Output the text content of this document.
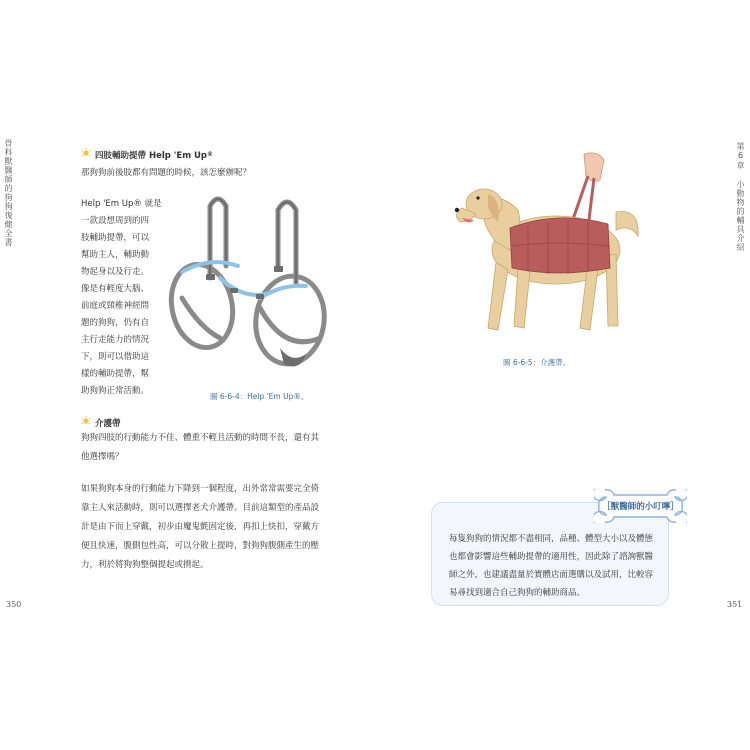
骨科獸醫師的狗狗復健全書
350
四肢輔助提帶 Help 'Em Up ®
那狗狗前後肢都有問題的時候，該怎麼辦呢？

Help 'Em Up® 就是

一款設想周到的四

肢輔助提帶，可以

幫助主人，輔助動

物起身以及行走。

像是有輕度大腦、

前庭或頸椎神經問

題的狗狗，仍有自

主行走能力的情況

下，則可以借助這

樣的輔助提帶，幫

助狗狗正常活動。

圖 6-6-4：Help 'Em Up®。
介護帶

狗狗四肢的行動能力不佳、體重不輕且活動的時間不長，還有其

他選擇嗎？

如果狗狗本身的行動能力下降到一個程度，出外常常需要完全倚

靠主人來活動時，則可以選擇老犬介護帶。目前這類型的產品設

計是由下而上穿戴，初步由魔鬼氈固定後，再扣上快扣，穿戴方

便且快速，腹側包性高，可以分散上提時，對狗狗腹側產生的壓

力，利於將狗狗整個提起或揹起。

第6章 小動物的輔具介紹
351
圖 6-6-5：介護帶。

每隻狗狗的情況都不盡相同，品種、體型大小以及體態

也都會影響這些輔助提帶的適用性，因此除了諮詢獸醫

師之外，也建議盡量於實體店面選購以及試用，比較容

易尋找到適合自己狗狗的輔助商品。

［獸醫師的小叮嚀］
